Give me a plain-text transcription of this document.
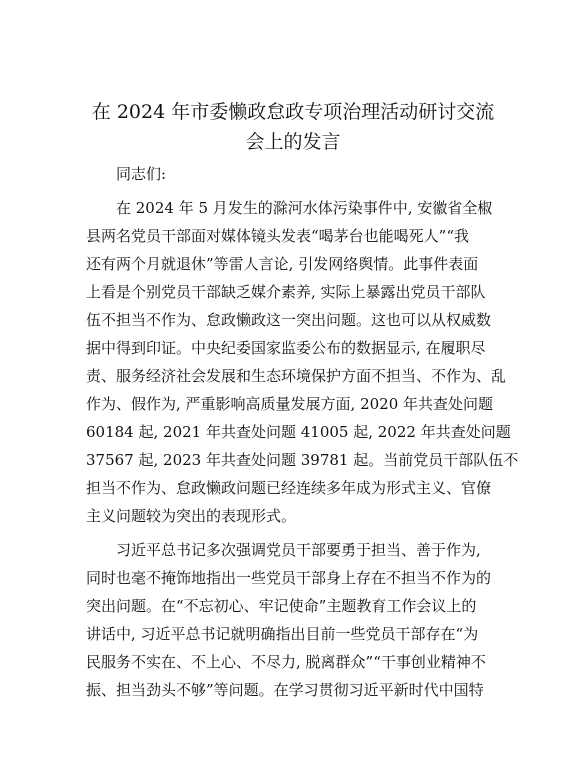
在 2024 年市委懒政怠政专项治理活动研讨交流
会上的发言

同志们:

在 2024 年 5 月发生的滁河水体污染事件中, 安徽省全椒
县两名党员干部面对媒体镜头发表“喝茅台也能喝死人”“我
还有两个月就退休”等雷人言论, 引发网络舆情。此事件表面
上看是个别党员干部缺乏媒介素养, 实际上暴露出党员干部队
伍不担当不作为、怠政懒政这一突出问题。这也可以从权威数
据中得到印证。中央纪委国家监委公布的数据显示, 在履职尽
责、服务经济社会发展和生态环境保护方面不担当、不作为、乱
作为、假作为, 严重影响高质量发展方面, 2020 年共查处问题
60184 起, 2021 年共查处问题 41005 起, 2022 年共查处问题
37567 起, 2023 年共查处问题 39781 起。当前党员干部队伍不
担当不作为、怠政懒政问题已经连续多年成为形式主义、官僚
主义问题较为突出的表现形式。
习近平总书记多次强调党员干部要勇于担当、善于作为,
同时也毫不掩饰地指出一些党员干部身上存在不担当不作为的
突出问题。在“不忘初心、牢记使命”主题教育工作会议上的
讲话中, 习近平总书记就明确指出目前一些党员干部存在“为
民服务不实在、不上心、不尽力, 脱离群众”“干事创业精神不
振、担当劲头不够”等问题。在学习贯彻习近平新时代中国特
